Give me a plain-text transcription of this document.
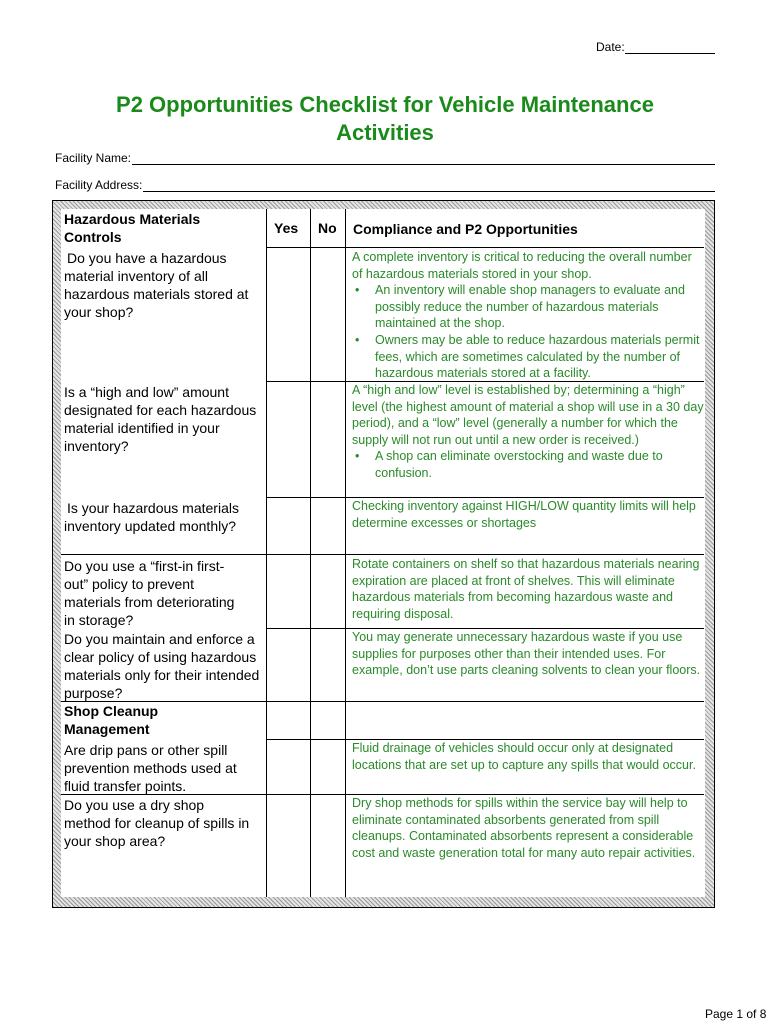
Date:
P2 Opportunities Checklist for Vehicle Maintenance
Activities
Facility Name:
Facility Address:
Yes No Compliance and P2 Opportunities
Hazardous Materials Controls
Do you have a hazardous material inventory of all hazardous materials stored at your shop?
Is a “high and low” amount designated for each hazardous material identified in your inventory?
Is your hazardous materials inventory updated monthly?
Do you use a “first-in first-out” policy to prevent materials from deteriorating in storage?
Do you maintain and enforce a clear policy of using hazardous materials only for their intended purpose?
Shop Cleanup Management
Are drip pans or other spill prevention methods used at fluid transfer points.
Do you use a dry shop method for cleanup of spills in your shop area?
A complete inventory is critical to reducing the overall number of hazardous materials stored in your shop.
• An inventory will enable shop managers to evaluate and possibly reduce the number of hazardous materials maintained at the shop.
• Owners may be able to reduce hazardous materials permit fees, which are sometimes calculated by the number of hazardous materials stored at a facility.
A “high and low” level is established by; determining a “high” level (the highest amount of material a shop will use in a 30 day period), and a “low” level (generally a number for which the supply will not run out until a new order is received.)
• A shop can eliminate overstocking and waste due to confusion.
Checking inventory against HIGH/LOW quantity limits will help determine excesses or shortages
Rotate containers on shelf so that hazardous materials nearing expiration are placed at front of shelves. This will eliminate hazardous materials from becoming hazardous waste and requiring disposal.
You may generate unnecessary hazardous waste if you use supplies for purposes other than their intended uses. For example, don’t use parts cleaning solvents to clean your floors.
Fluid drainage of vehicles should occur only at designated locations that are set up to capture any spills that would occur.
Dry shop methods for spills within the service bay will help to eliminate contaminated absorbents generated from spill cleanups. Contaminated absorbents represent a considerable cost and waste generation total for many auto repair activities.
Page 1 of 8
